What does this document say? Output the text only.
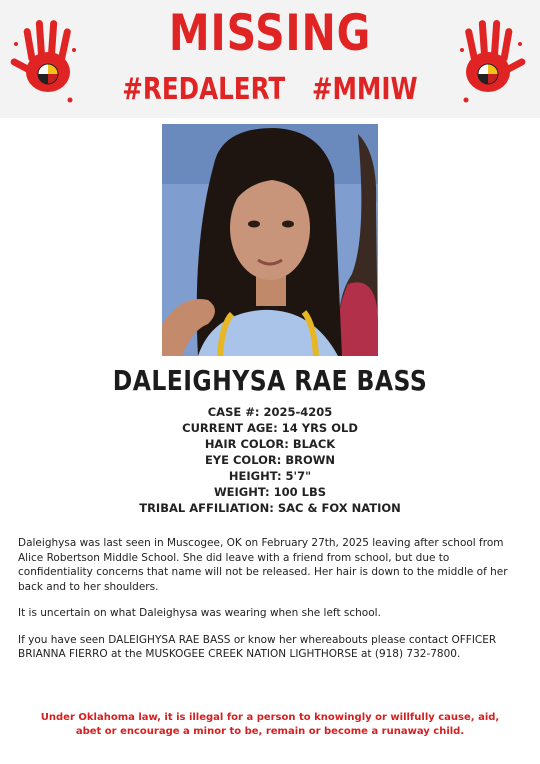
MISSING
#REDALERT #MMIW
DALEIGHYSA RAE BASS
CASE #: 2025-4205
CURRENT AGE: 14 YRS OLD
HAIR COLOR: BLACK
EYE COLOR: BROWN
HEIGHT: 5'7"
WEIGHT: 100 LBS
TRIBAL AFFILIATION: SAC & FOX NATION

Daleighysa was last seen in Muscogee, OK on February 27th, 2025 leaving after school from Alice Robertson Middle School. She did leave with a friend from school, but due to confidentiality concerns that name will not be released. Her hair is down to the middle of her back and to her shoulders.

It is uncertain on what Daleighysa was wearing when she left school.

If you have seen DALEIGHYSA RAE BASS or know her whereabouts please contact OFFICER BRIANNA FIERRO at the MUSKOGEE CREEK NATION LIGHTHORSE at (918) 732-7800.

Under Oklahoma law, it is illegal for a person to knowingly or willfully cause, aid, abet or encourage a minor to be, remain or become a runaway child.
